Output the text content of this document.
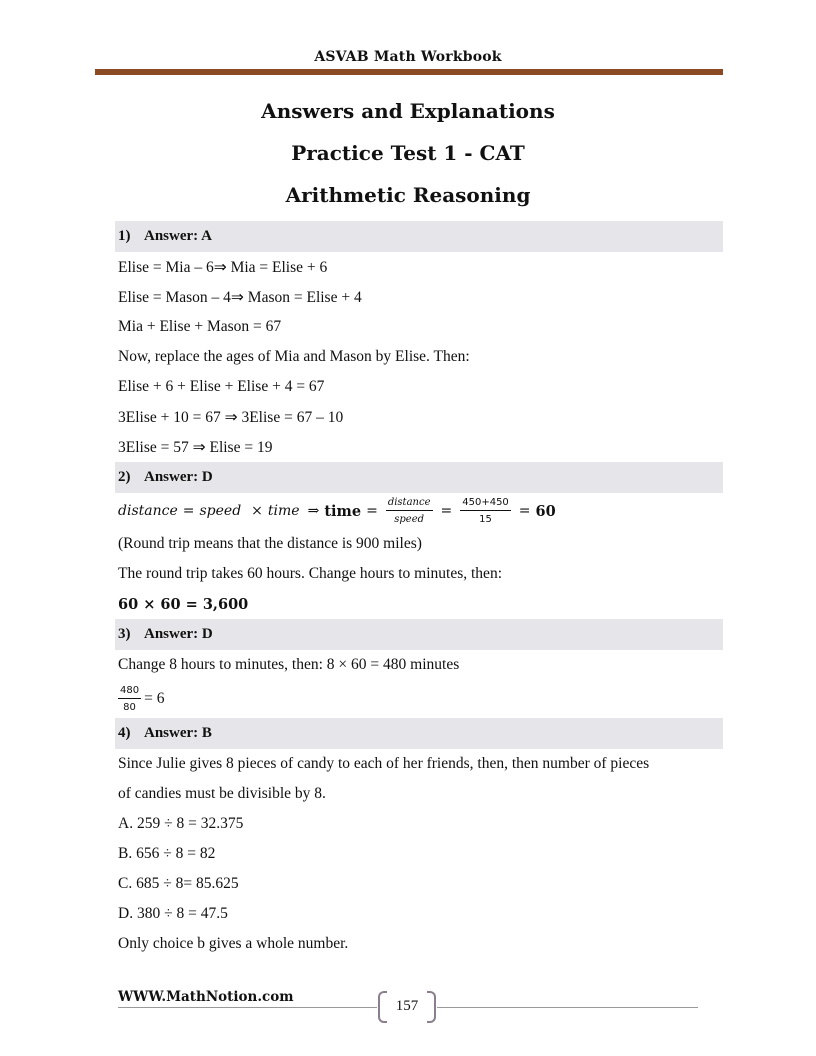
ASVAB Math Workbook
Answers and Explanations
Practice Test 1 - CAT
Arithmetic Reasoning
1) Answer: A
Elise = Mia – 6⇒ Mia = Elise + 6
Elise = Mason – 4⇒ Mason = Elise + 4
Mia + Elise + Mason = 67
Now, replace the ages of Mia and Mason by Elise. Then:
Elise + 6 + Elise + Elise + 4 = 67
3Elise + 10 = 67 ⇒ 3Elise = 67 – 10
3Elise = 57 ⇒ Elise = 19
2) Answer: D
distance = speed × time ⇒ time = $\frac{\text{distance}}{\text{speed}} = \frac{450+450}{15} = 60$
(Round trip means that the distance is 900 miles)
The round trip takes 60 hours. Change hours to minutes, then:
60 × 60 = 3,600
3) Answer: D
Change 8 hours to minutes, then: 8 × 60 = 480 minutes
$\frac{480}{80} = 6$
4) Answer: B
Since Julie gives 8 pieces of candy to each of her friends, then, then number of pieces
of candies must be divisible by 8.
A. 259 ÷ 8 = 32.375
B. 656 ÷ 8 = 82
C. 685 ÷ 8= 85.625
D. 380 ÷ 8 = 47.5
Only choice b gives a whole number.
WWW.MathNotion.com
157
